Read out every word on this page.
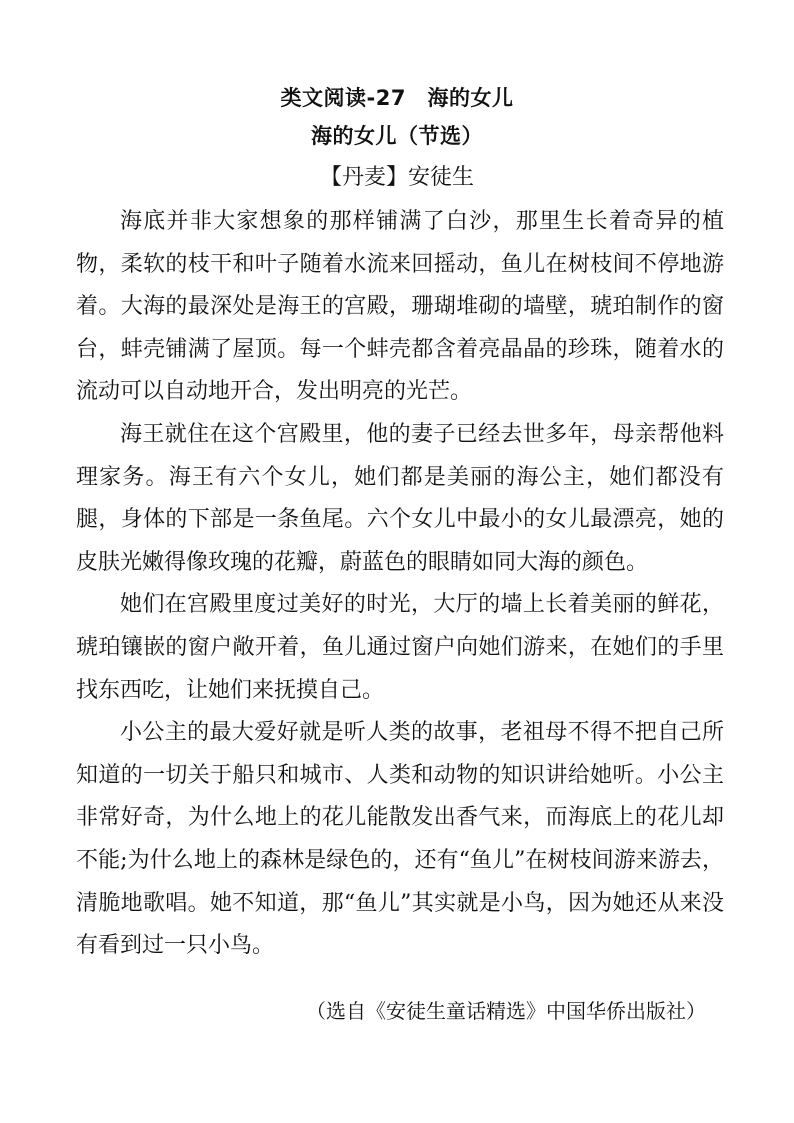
类文阅读-27　海的女儿
海的女儿（节选）
【丹麦】安徒生

海底并非大家想象的那样铺满了白沙，那里生长着奇异的植物，柔软的枝干和叶子随着水流来回摇动，鱼儿在树枝间不停地游着。大海的最深处是海王的宫殿，珊瑚堆砌的墙壁，琥珀制作的窗台，蚌壳铺满了屋顶。每一个蚌壳都含着亮晶晶的珍珠，随着水的流动可以自动地开合，发出明亮的光芒。

海王就住在这个宫殿里，他的妻子已经去世多年，母亲帮他料理家务。海王有六个女儿，她们都是美丽的海公主，她们都没有腿，身体的下部是一条鱼尾。六个女儿中最小的女儿最漂亮，她的皮肤光嫩得像玫瑰的花瓣，蔚蓝色的眼睛如同大海的颜色。

她们在宫殿里度过美好的时光，大厅的墙上长着美丽的鲜花，琥珀镶嵌的窗户敞开着，鱼儿通过窗户向她们游来，在她们的手里找东西吃，让她们来抚摸自己。

小公主的最大爱好就是听人类的故事，老祖母不得不把自己所知道的一切关于船只和城市、人类和动物的知识讲给她听。小公主非常好奇，为什么地上的花儿能散发出香气来，而海底上的花儿却不能;为什么地上的森林是绿色的，还有“鱼儿”在树枝间游来游去，清脆地歌唱。她不知道，那“鱼儿”其实就是小鸟，因为她还从来没有看到过一只小鸟。

（选自《安徒生童话精选》中国华侨出版社）
